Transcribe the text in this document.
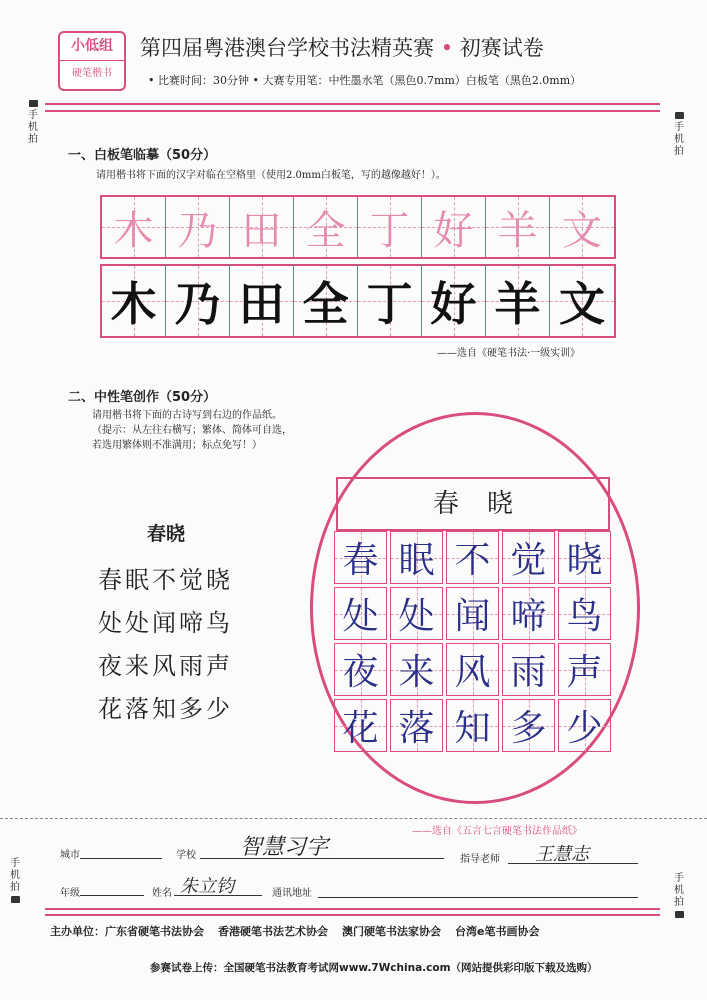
小低组
硬笔楷书
第四届粤港澳台学校书法精英赛 • 初赛试卷
• 比赛时间：30分钟 • 大赛专用笔：中性墨水笔（黑色0.7mm）白板笔（黑色2.0mm）
手机拍
手机拍
手机拍
手机拍
一、白板笔临摹（50分）
请用楷书将下面的汉字对临在空格里（使用2.0mm白板笔，写的越像越好！）。
木 乃 田 全 丁 好 羊 文
木 乃 田 全 丁 好 羊 文
——选自《硬笔书法·一级实训》
二、中性笔创作（50分）
请用楷书将下面的古诗写到右边的作品纸。
（提示：从左往右横写；繁体、简体可自选，
若选用繁体则不准满用；标点免写！）
春晓
春眠不觉晓
处处闻啼鸟
夜来风雨声
花落知多少
春晓
春 眠 不 觉 晓
处 处 闻 啼 鸟
夜 来 风 雨 声
花 落 知 多 少
——选自《五言七言硬笔书法作品纸》
城市	学校 智慧习字	指导老师 王慧志
年级	姓名 朱立钧	通讯地址
主办单位：广东省硬笔书法协会 香港硬笔书法艺术协会 澳门硬笔书法家协会 台湾e笔书画协会
参赛试卷上传：全国硬笔书法教育考试网www.7Wchina.com（网站提供彩印版下载及选购）
